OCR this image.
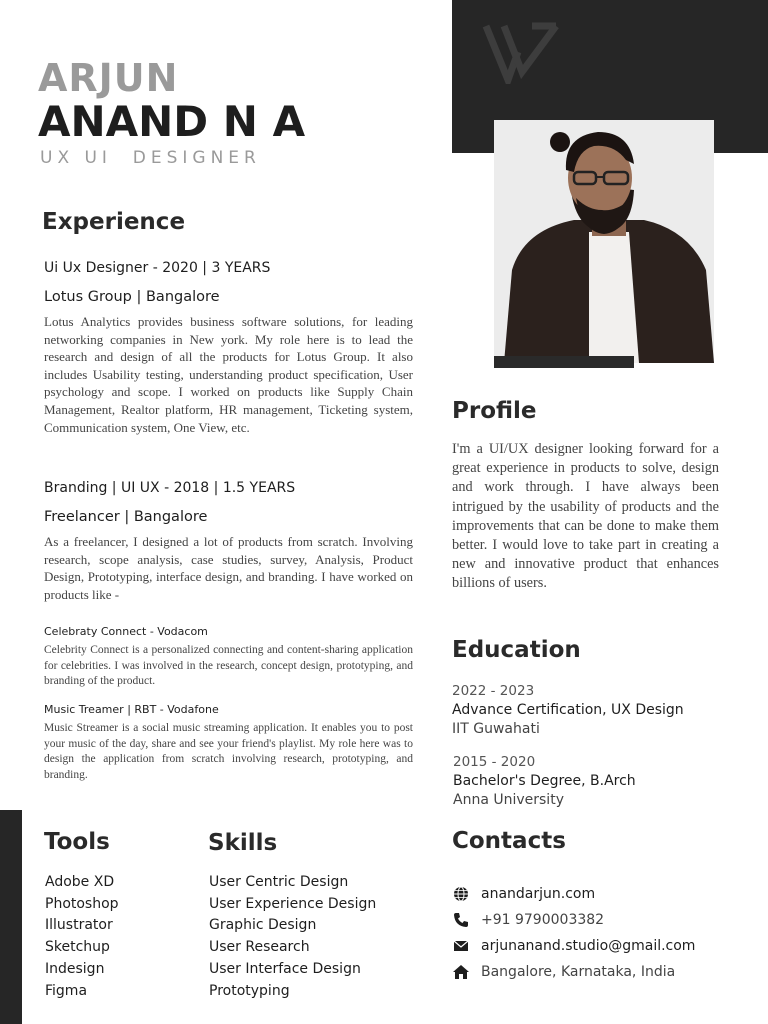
ARJUN
ANAND N A
UX UI  DESIGNER
Experience
Ui Ux Designer - 2020 | 3 YEARS
Lotus Group | Bangalore
Lotus Analytics provides business software solutions, for leading networking companies in New york. My role here is to lead the research and design of all the products for Lotus Group. It also includes Usability testing, understanding product specification, User psychology and scope. I worked on products like Supply Chain Management, Realtor platform, HR management, Ticketing system, Communication system, One View, etc.
Branding | UI UX - 2018 | 1.5 YEARS
Freelancer | Bangalore
As a freelancer, I designed a lot of products from scratch. Involving research, scope analysis, case studies, survey, Analysis, Product Design, Prototyping, interface design, and branding. I have worked on products like -
Celebraty Connect - Vodacom
Celebrity Connect is a personalized connecting and content-sharing application for celebrities. I was involved in the research, concept design, prototyping, and branding of the product.
Music Treamer | RBT - Vodafone
Music Streamer is a social music streaming application. It enables you to post your music of the day, share and see your friend's playlist. My role here was to design the application from scratch involving research, prototyping, and branding.
Profile
I'm a UI/UX designer looking forward for a great experience in products to solve, design and work through. I have always been intrigued by the usability of products and the improvements that can be done to make them better. I would love to take part in creating a new and innovative product that enhances billions of users.
Education
2022 - 2023
Advance Certification, UX Design
IIT Guwahati
2015 - 2020
Bachelor's Degree, B.Arch
Anna University
Tools
Adobe XD
Photoshop
Illustrator
Sketchup
Indesign
Figma
Skills
User Centric Design
User Experience Design
Graphic Design
User Research
User Interface Design
Prototyping
Contacts
anandarjun.com
+91 9790003382
arjunanand.studio@gmail.com
Bangalore, Karnataka, India
